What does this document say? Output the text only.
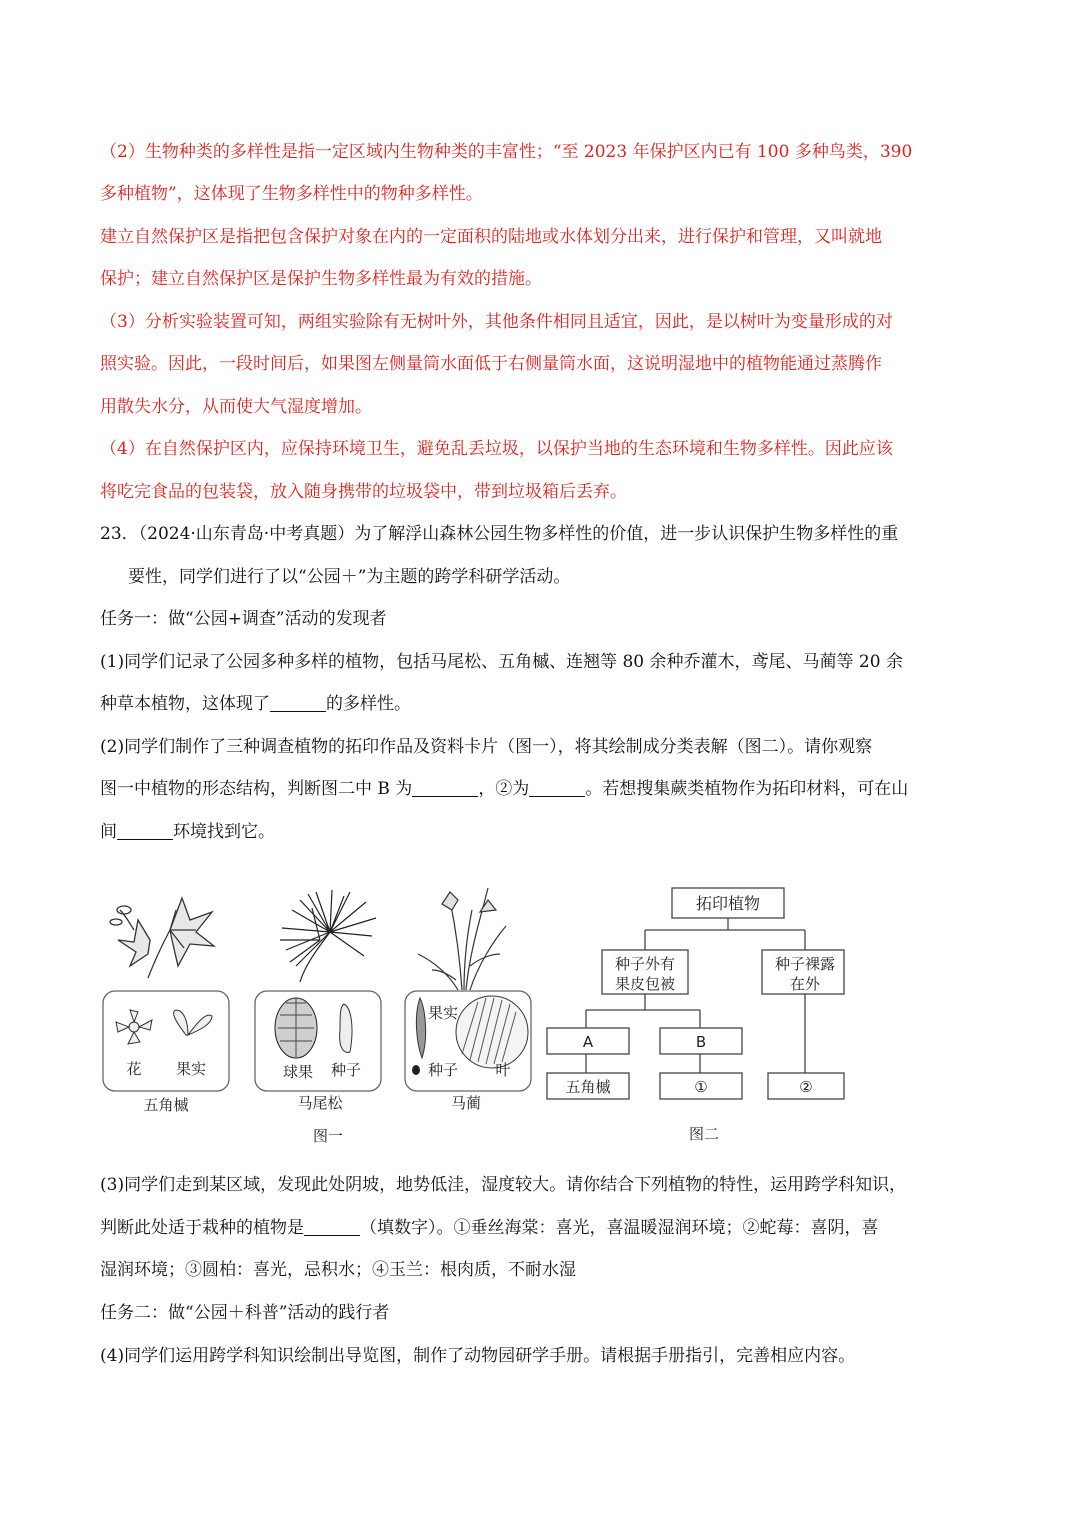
（2）生物种类的多样性是指一定区域内生物种类的丰富性；“至 2023 年保护区内已有 100 多种鸟类，390
多种植物”，这体现了生物多样性中的物种多样性。
建立自然保护区是指把包含保护对象在内的一定面积的陆地或水体划分出来，进行保护和管理，又叫就地
保护；建立自然保护区是保护生物多样性最为有效的措施。
（3）分析实验装置可知，两组实验除有无树叶外，其他条件相同且适宜，因此，是以树叶为变量形成的对
照实验。因此，一段时间后，如果图左侧量筒水面低于右侧量筒水面，这说明湿地中的植物能通过蒸腾作
用散失水分，从而使大气湿度增加。
（4）在自然保护区内，应保持环境卫生，避免乱丢垃圾，以保护当地的生态环境和生物多样性。因此应该
将吃完食品的包装袋，放入随身携带的垃圾袋中，带到垃圾箱后丢弃。
23．（2024·山东青岛·中考真题）为了解浮山森林公园生物多样性的价值，进一步认识保护生物多样性的重
要性，同学们进行了以“公园＋”为主题的跨学科研学活动。
任务一：做“公园+调查”活动的发现者
(1)同学们记录了公园多种多样的植物，包括马尾松、五角槭、连翘等 80 余种乔灌木，鸢尾、马蔺等 20 余
种草本植物，这体现了	的多样性。
(2)同学们制作了三种调查植物的拓印作品及资料卡片（图一），将其绘制成分类表解（图二）。请你观察
图一中植物的形态结构，判断图二中 B 为	，②为	。若想搜集蕨类植物作为拓印材料，可在山
间	环境找到它。
花 果实
五角槭
球果 种子
马尾松
果实
种子 叶
马蔺
图一
拓印植物
种子外有
果皮包被
种子裸露
在外
A	B
五角槭	①	②
图二
(3)同学们走到某区域，发现此处阴坡，地势低洼，湿度较大。请你结合下列植物的特性，运用跨学科知识，
判断此处适于栽种的植物是	（填数字）。①垂丝海棠：喜光，喜温暖湿润环境；②蛇莓：喜阴，喜
湿润环境；③圆柏：喜光，忌积水；④玉兰：根肉质，不耐水湿
任务二：做“公园＋科普”活动的践行者
(4)同学们运用跨学科知识绘制出导览图，制作了动物园研学手册。请根据手册指引，完善相应内容。
